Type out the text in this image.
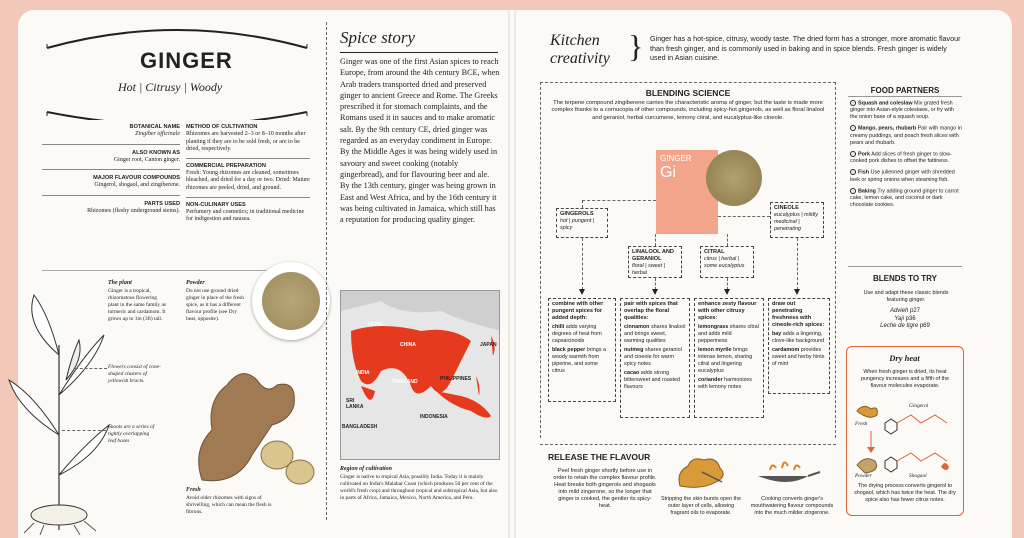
GINGER
Hot | Citrusy | Woody
BOTANICAL NAME
Zingiber officinale
ALSO KNOWN AS
Ginger root, Canton ginger.
MAJOR FLAVOUR COMPOUNDS
Gingerol, shogaol, and zingiberene.
PARTS USED
Rhizomes (fleshy underground stems).
METHOD OF CULTIVATION
Rhizomes are harvested 2–3 or 8–10 months after planting if they are to be sold fresh, or are to be dried, respectively.
COMMERCIAL PREPARATION
Fresh: Young rhizomes are cleaned, sometimes bleached, and dried for a day or two. Dried: Mature rhizomes are peeled, dried, and ground.
NON-CULINARY USES
Perfumery and cosmetics; in traditional medicine for indigestion and nausea.
The plant
Ginger is a tropical, rhizomatous flowering plant in the same family as turmeric and cardamom. It grows up to 1m (3ft) tall.
Flowers consist of cone-shaped clusters of yellowish bracts.
Shoots are a series of tightly overlapping leaf bases
Powder
Do not use ground dried ginger in place of the fresh spice, as it has a different flavour profile (see Dry heat, opposite).
Fresh
Avoid older rhizomes with signs of shrivelling, which can mean the flesh is fibrous.
Spice story
Ginger was one of the first Asian spices to reach Europe, from around the 4th century BCE, when Arab traders transported dried and preserved ginger to ancient Greece and Rome. The Greeks prescribed it for stomach complaints, and the Romans used it in sauces and to make aromatic salt. By the 9th century CE, dried ginger was regarded as an everyday condiment in Europe. By the Middle Ages it was being widely used in savoury and sweet cooking (notably gingerbread), and for flavouring beer and ale. By the 13th century, ginger was being grown in East and West Africa, and by the 16th century it was being cultivated in Jamaica, which still has a reputation for producing quality ginger.
NEPAL
CHINA	JAPAN
INDIA
THAILAND	PHILIPPINES
SRI LANKA
BANGLADESH
INDONESIA
Region of cultivation
Ginger is native to tropical Asia, possibly India. Today it is mainly cultivated on India's Malabar Coast (which produces 50 per cent of the world's fresh crop) and throughout tropical and subtropical Asia, but also in parts of Africa, Jamaica, Mexico, North America, and Peru.
Kitchen
creativity } Ginger has a hot-spice, citrusy, woody taste. The dried form has a stronger, more aromatic flavour than fresh ginger, and is commonly used in baking and in spice blends. Fresh ginger is widely used in Asian cuisine.
BLENDING SCIENCE
The terpene compound zingiberene carries the characteristic aroma of ginger, but the taste is made more complex thanks to a cornucopia of other compounds, including spicy-hot gingerols, as well as floral linalool and geraniol, herbal curcumene, lemony citral, and eucalyptus-like cineole.
GINGER
Gi
GINGEROLS
hot | pungent | spicy
LINALOOL AND GERANIOL
floral | sweet | herbal
CITRAL
citrus | herbal | some eucalyptus
CINEOLE
eucalyptus | mildly medicinal | penetrating
combine with other pungent spices for added depth:
chilli adds varying degrees of heat from capsaicinoids
black pepper brings a woody warmth from piperine, and some citrus
pair with spices that overlap the floral qualities:
cinnamon shares linalool and brings sweet, warming qualities
nutmeg shares geraniol and cineole for warm spicy notes
cacao adds strong bittersweet and roasted flavours
enhance zesty flavour with other citrusy spices:
lemongrass shares citral and adds mild pepperiness
lemon myrtle brings intense lemon, sharing citral and lingering eucalyptus
coriander harmonizes with lemony notes
draw out penetrating freshness with cineole-rich spices:
bay adds a lingering, clove-like background
cardamom provides sweet and herby hints of mint
RELEASE THE FLAVOUR
Peel fresh ginger shortly before use in order to retain the complex flavour profile. Heat breaks both gingerols and shogaols into mild zingerone, so the longer that ginger is cooked, the gentler its spicy-heat.
Stripping the skin bursts open the outer layer of cells, allowing fragrant oils to evaporate.
Cooking converts ginger's mouthwatering flavour compounds into the much milder zingerone.
FOOD PARTNERS
› Squash and coleslaw Mix grated fresh ginger into Asian-style coleslaws, or fry with the onion base of a squash soup.
› Mango, pears, rhubarb Pair with mango in creamy puddings, and poach fresh slices with pears and rhubarb.
› Pork Add slices of fresh ginger to slow-cooked pork dishes to offset the fattiness.
› Fish Use julienned ginger with shredded leek or spring onions when steaming fish.
› Baking Try adding ground ginger to carrot cake, lemon cake, and coconut or dark chocolate cookies.
BLENDS TO TRY
Use and adapt these classic blends featuring ginger.
Advieh p27
Yaji p36
Leche de tigre p69
Dry heat
When fresh ginger is dried, its heat pungency increases and a fifth of the flavour molecules evaporate.
Fresh
Gingerol
Powder	Shogaol
The drying process converts gingerol to shogaol, which has twice the heat. The dry spice also has fewer citrus notes.
